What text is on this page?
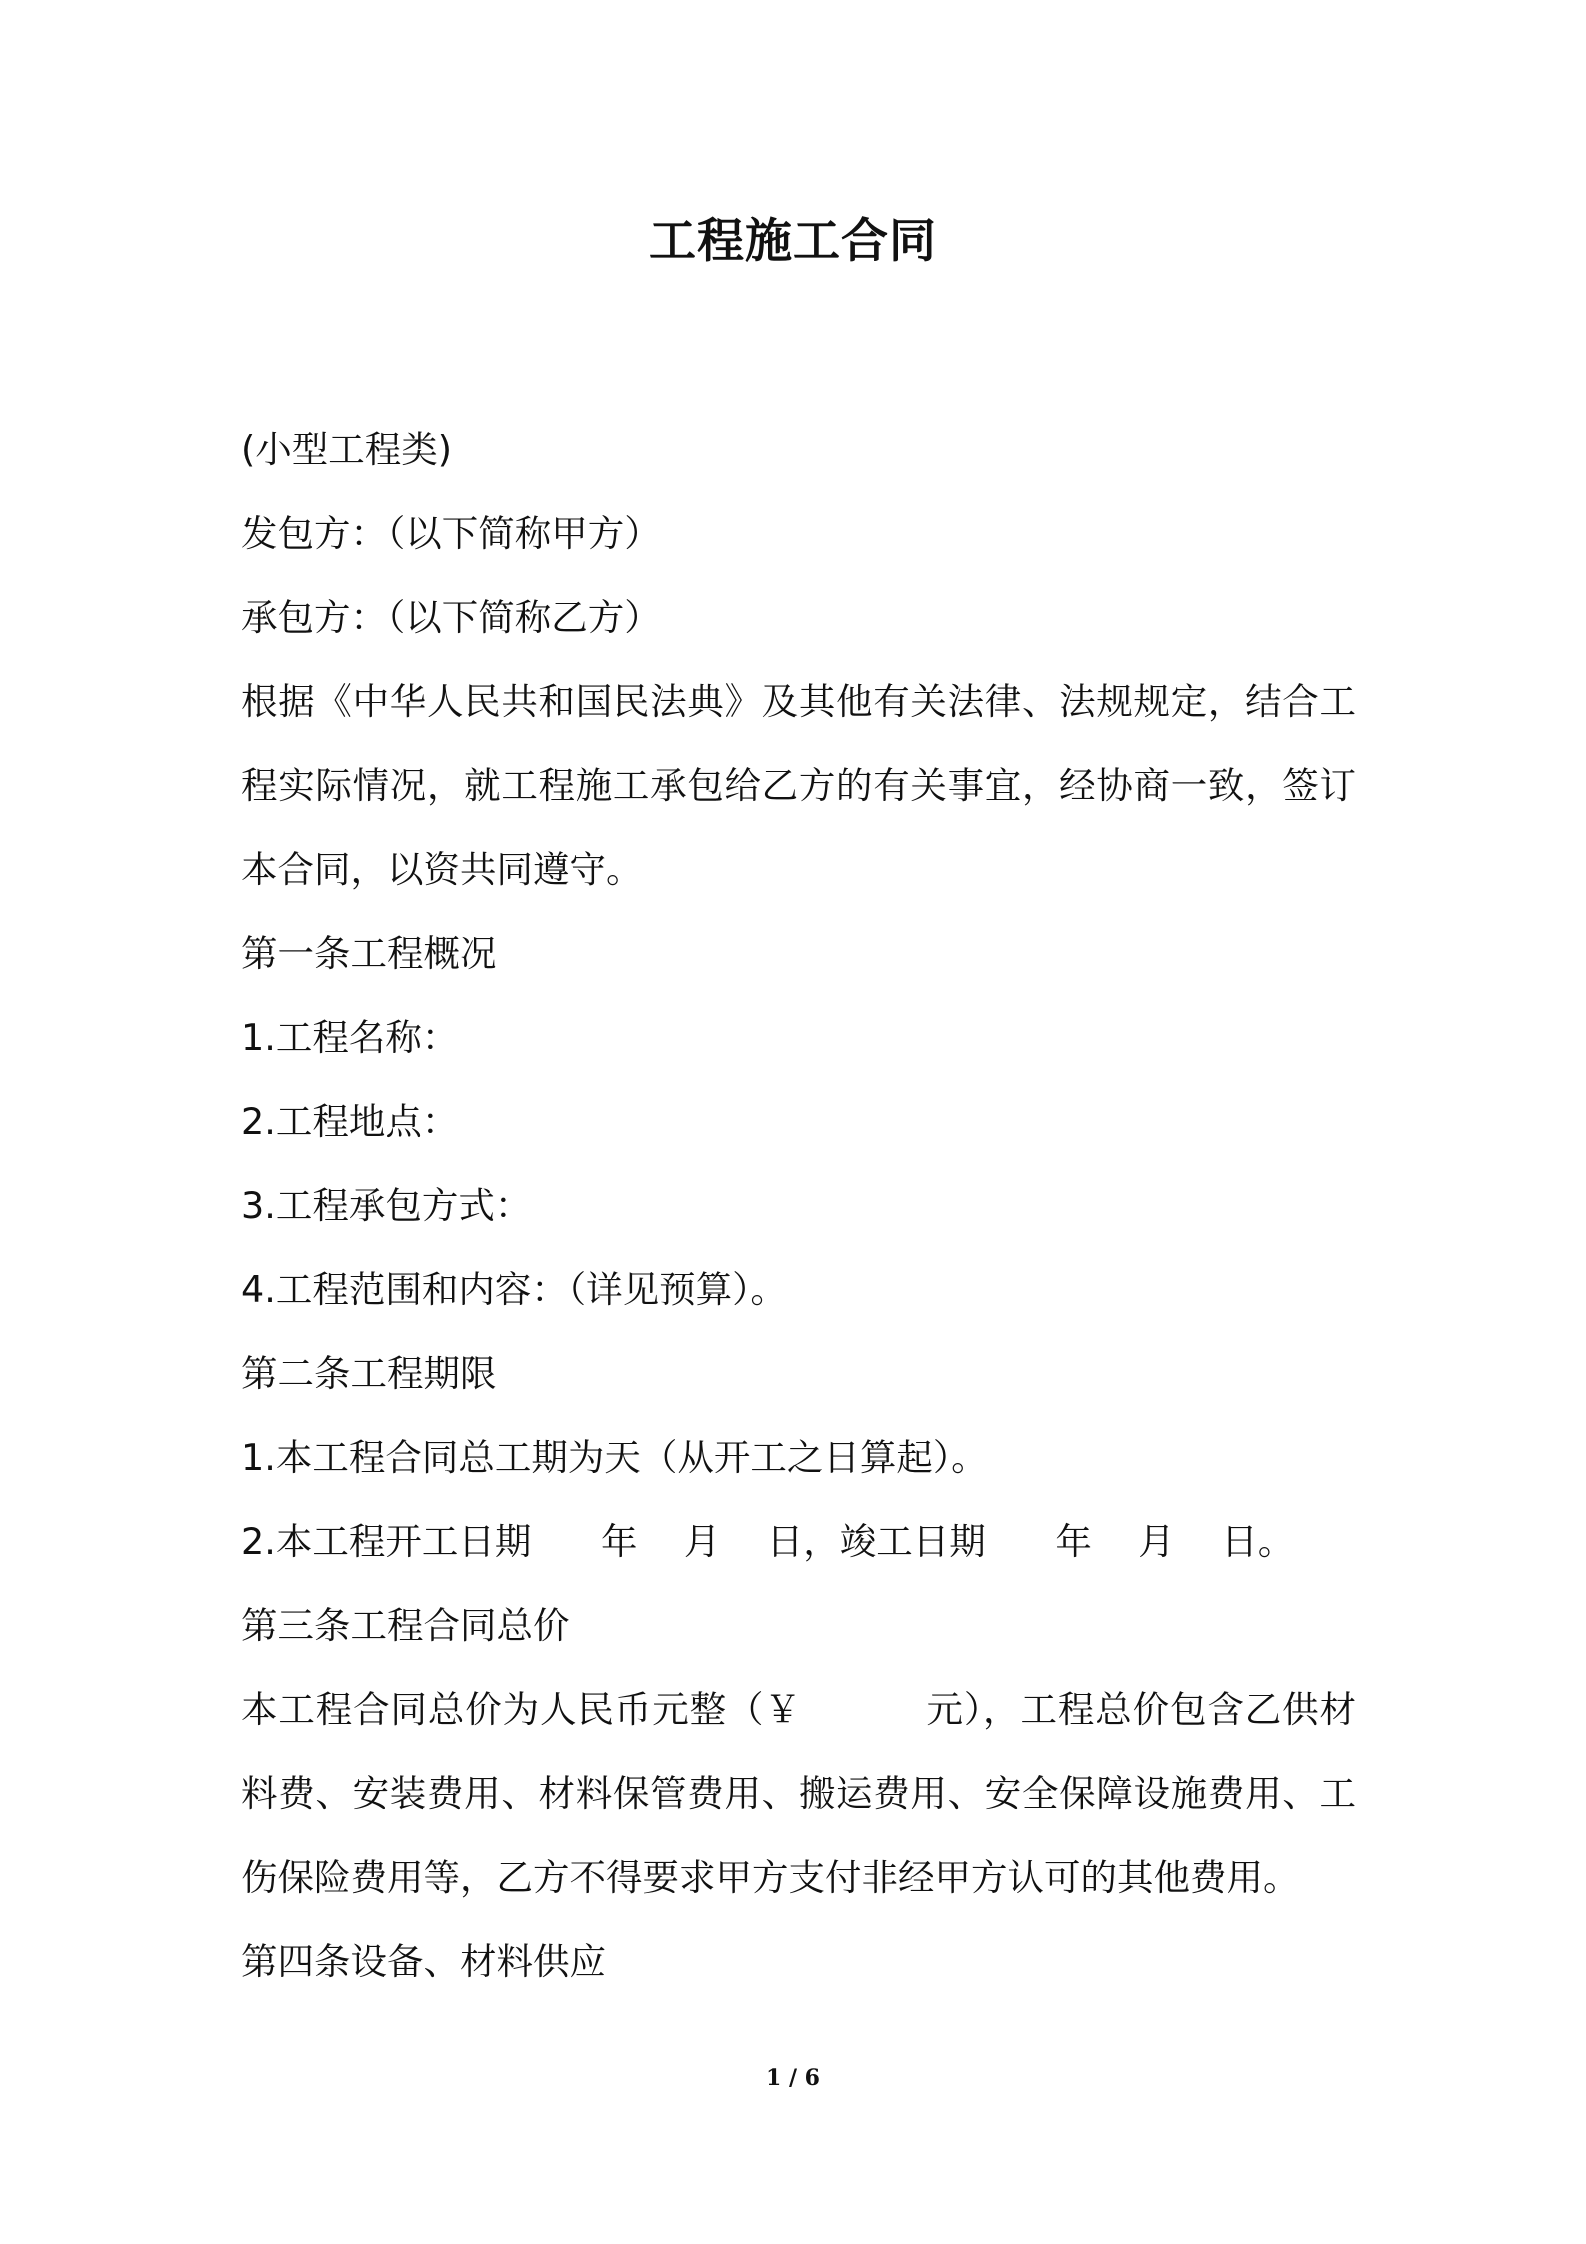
工程施工合同

(小型工程类)

发包方：（以下简称甲方）

承包方：（以下简称乙方）

根据《中华人民共和国民法典》及其他有关法律、法规规定，结合工程实际情况，就工程施工承包给乙方的有关事宜，经协商一致，签订本合同，以资共同遵守。

第一条工程概况

1.工程名称：

2.工程地点：

3.工程承包方式：

4.工程范围和内容：（详见预算）。

第二条工程期限

1.本工程合同总工期为天（从开工之日算起）。

2.本工程开工日期      年    月    日，竣工日期      年    月    日。

第三条工程合同总价

本工程合同总价为人民币元整（￥          元），工程总价包含乙供材料费、安装费用、材料保管费用、搬运费用、安全保障设施费用、工伤保险费用等，乙方不得要求甲方支付非经甲方认可的其他费用。

第四条设备、材料供应

1 / 6
